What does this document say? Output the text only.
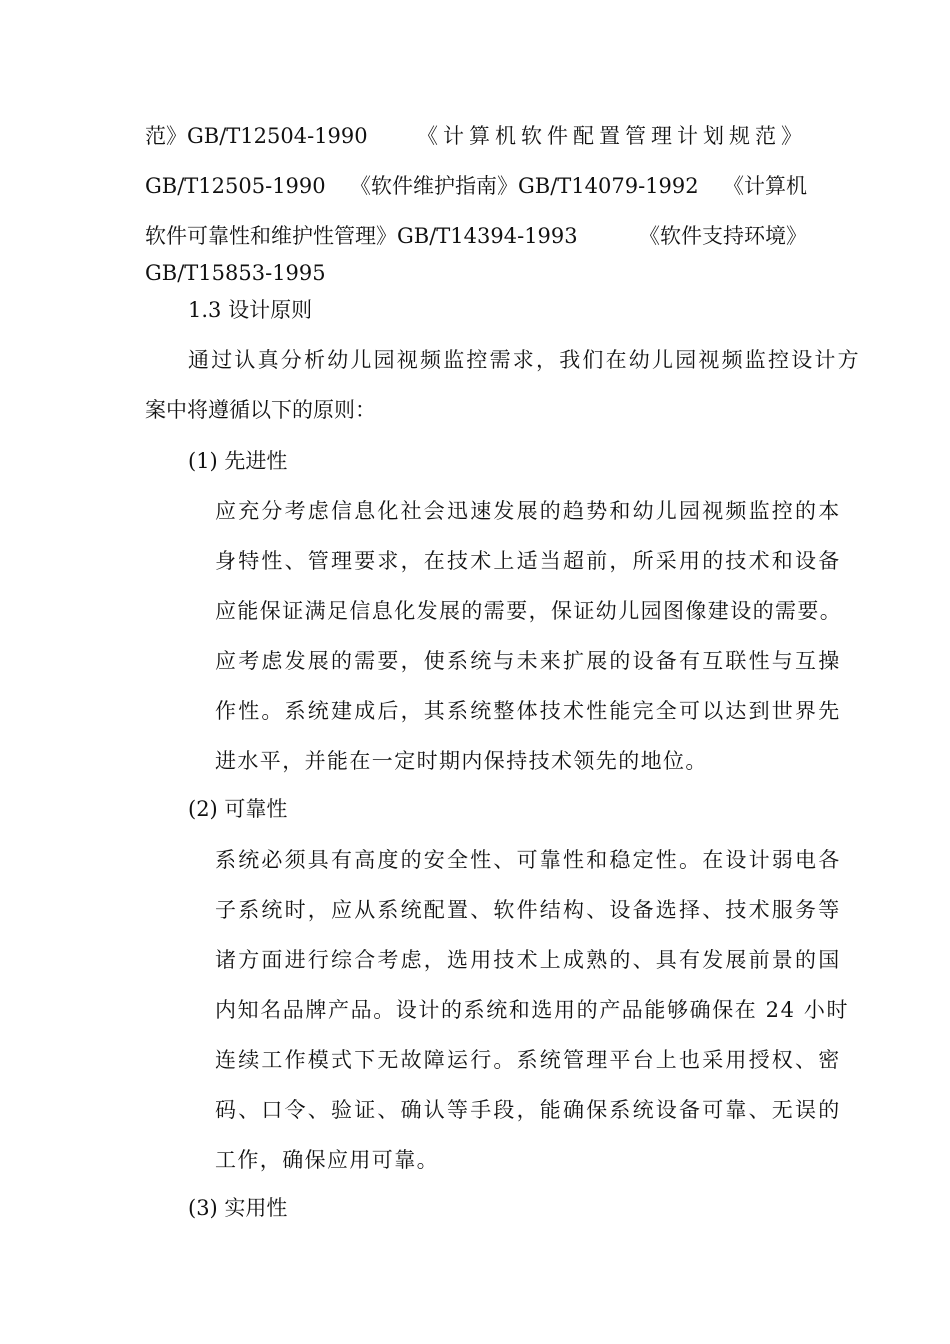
范》GB/T12504-1990 《计算机软件配置管理计划规范》
GB/T12505-1990 《软件维护指南》GB/T14079-1992 《计算机
软件可靠性和维护性管理》GB/T14394-1993	《软件支持环境》
GB/T15853-1995
1.3 设计原则
通过认真分析幼儿园视频监控需求，我们在幼儿园视频监控设计方
案中将遵循以下的原则：
(1) 先进性
应充分考虑信息化社会迅速发展的趋势和幼儿园视频监控的本
身特性、管理要求，在技术上适当超前，所采用的技术和设备
应能保证满足信息化发展的需要，保证幼儿园图像建设的需要。
应考虑发展的需要，使系统与未来扩展的设备有互联性与互操
作性。系统建成后，其系统整体技术性能完全可以达到世界先
进水平，并能在一定时期内保持技术领先的地位。
(2) 可靠性
系统必须具有高度的安全性、可靠性和稳定性。在设计弱电各
子系统时，应从系统配置、软件结构、设备选择、技术服务等
诸方面进行综合考虑，选用技术上成熟的、具有发展前景的国
内知名品牌产品。设计的系统和选用的产品能够确保在 24 小时
连续工作模式下无故障运行。系统管理平台上也采用授权、密
码、口令、验证、确认等手段，能确保系统设备可靠、无误的
工作，确保应用可靠。
(3) 实用性
